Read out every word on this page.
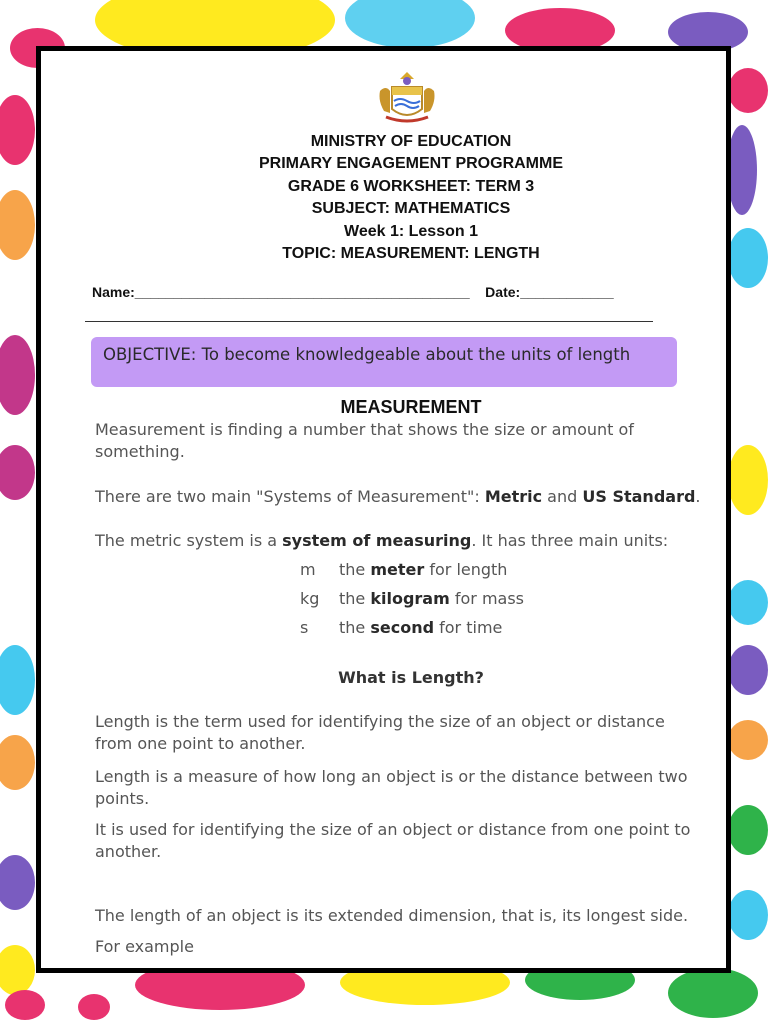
MINISTRY OF EDUCATION
PRIMARY ENGAGEMENT PROGRAMME
GRADE 6 WORKSHEET: TERM 3
SUBJECT: MATHEMATICS
Week 1: Lesson 1
TOPIC: MEASUREMENT: LENGTH
Name:___________________________________________ Date:____________
OBJECTIVE: To become knowledgeable about the units of length
MEASUREMENT
Measurement is finding a number that shows the size or amount of
something.
There are two main "Systems of Measurement": Metric and US Standard.
The metric system is a system of measuring. It has three main units:
m the meter for length
kg the kilogram for mass
s the second for time
What is Length?
Length is the term used for identifying the size of an object or distance
from one point to another.
Length is a measure of how long an object is or the distance between two
points.
It is used for identifying the size of an object or distance from one point to
another.
The length of an object is its extended dimension, that is, its longest side.
For example
